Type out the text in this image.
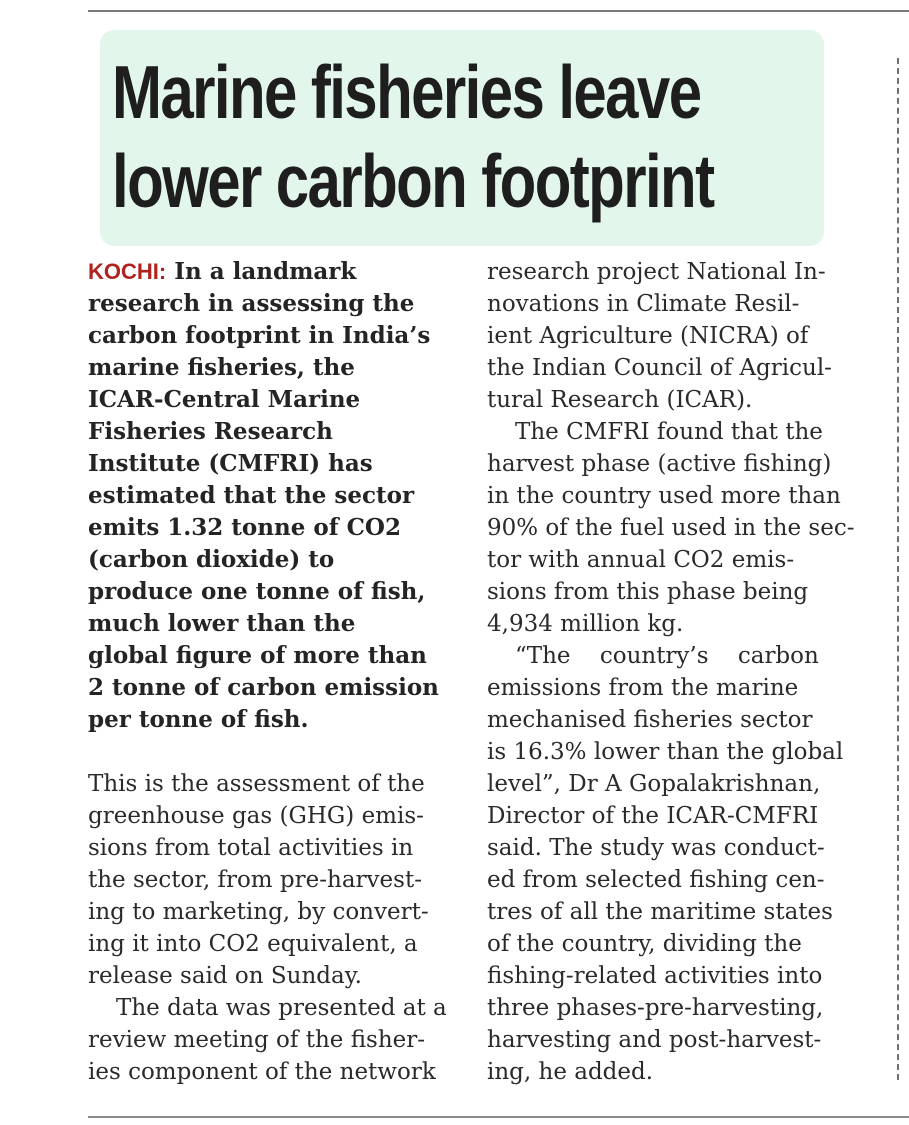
Marine fisheries leave
lower carbon footprint
KOCHI: In a landmark
research in assessing the
carbon footprint in India’s
marine fisheries, the
ICAR-Central Marine
Fisheries Research
Institute (CMFRI) has
estimated that the sector
emits 1.32 tonne of CO2
(carbon dioxide) to
produce one tonne of fish,
much lower than the
global figure of more than
2 tonne of carbon emission
per tonne of fish.
This is the assessment of the
greenhouse gas (GHG) emis-
sions from total activities in
the sector, from pre-harvest-
ing to marketing, by convert-
ing it into CO2 equivalent, a
release said on Sunday.
The data was presented at a
review meeting of the fisher-
ies component of the network
research project National In-
novations in Climate Resil-
ient Agriculture (NICRA) of
the Indian Council of Agricul-
tural Research (ICAR).
The CMFRI found that the
harvest phase (active fishing)
in the country used more than
90% of the fuel used in the sec-
tor with annual CO2 emis-
sions from this phase being
4,934 million kg.
“The country’s carbon
emissions from the marine
mechanised fisheries sector
is 16.3% lower than the global
level”, Dr A Gopalakrishnan,
Director of the ICAR-CMFRI
said. The study was conduct-
ed from selected fishing cen-
tres of all the maritime states
of the country, dividing the
fishing-related activities into
three phases-pre-harvesting,
harvesting and post-harvest-
ing, he added.
